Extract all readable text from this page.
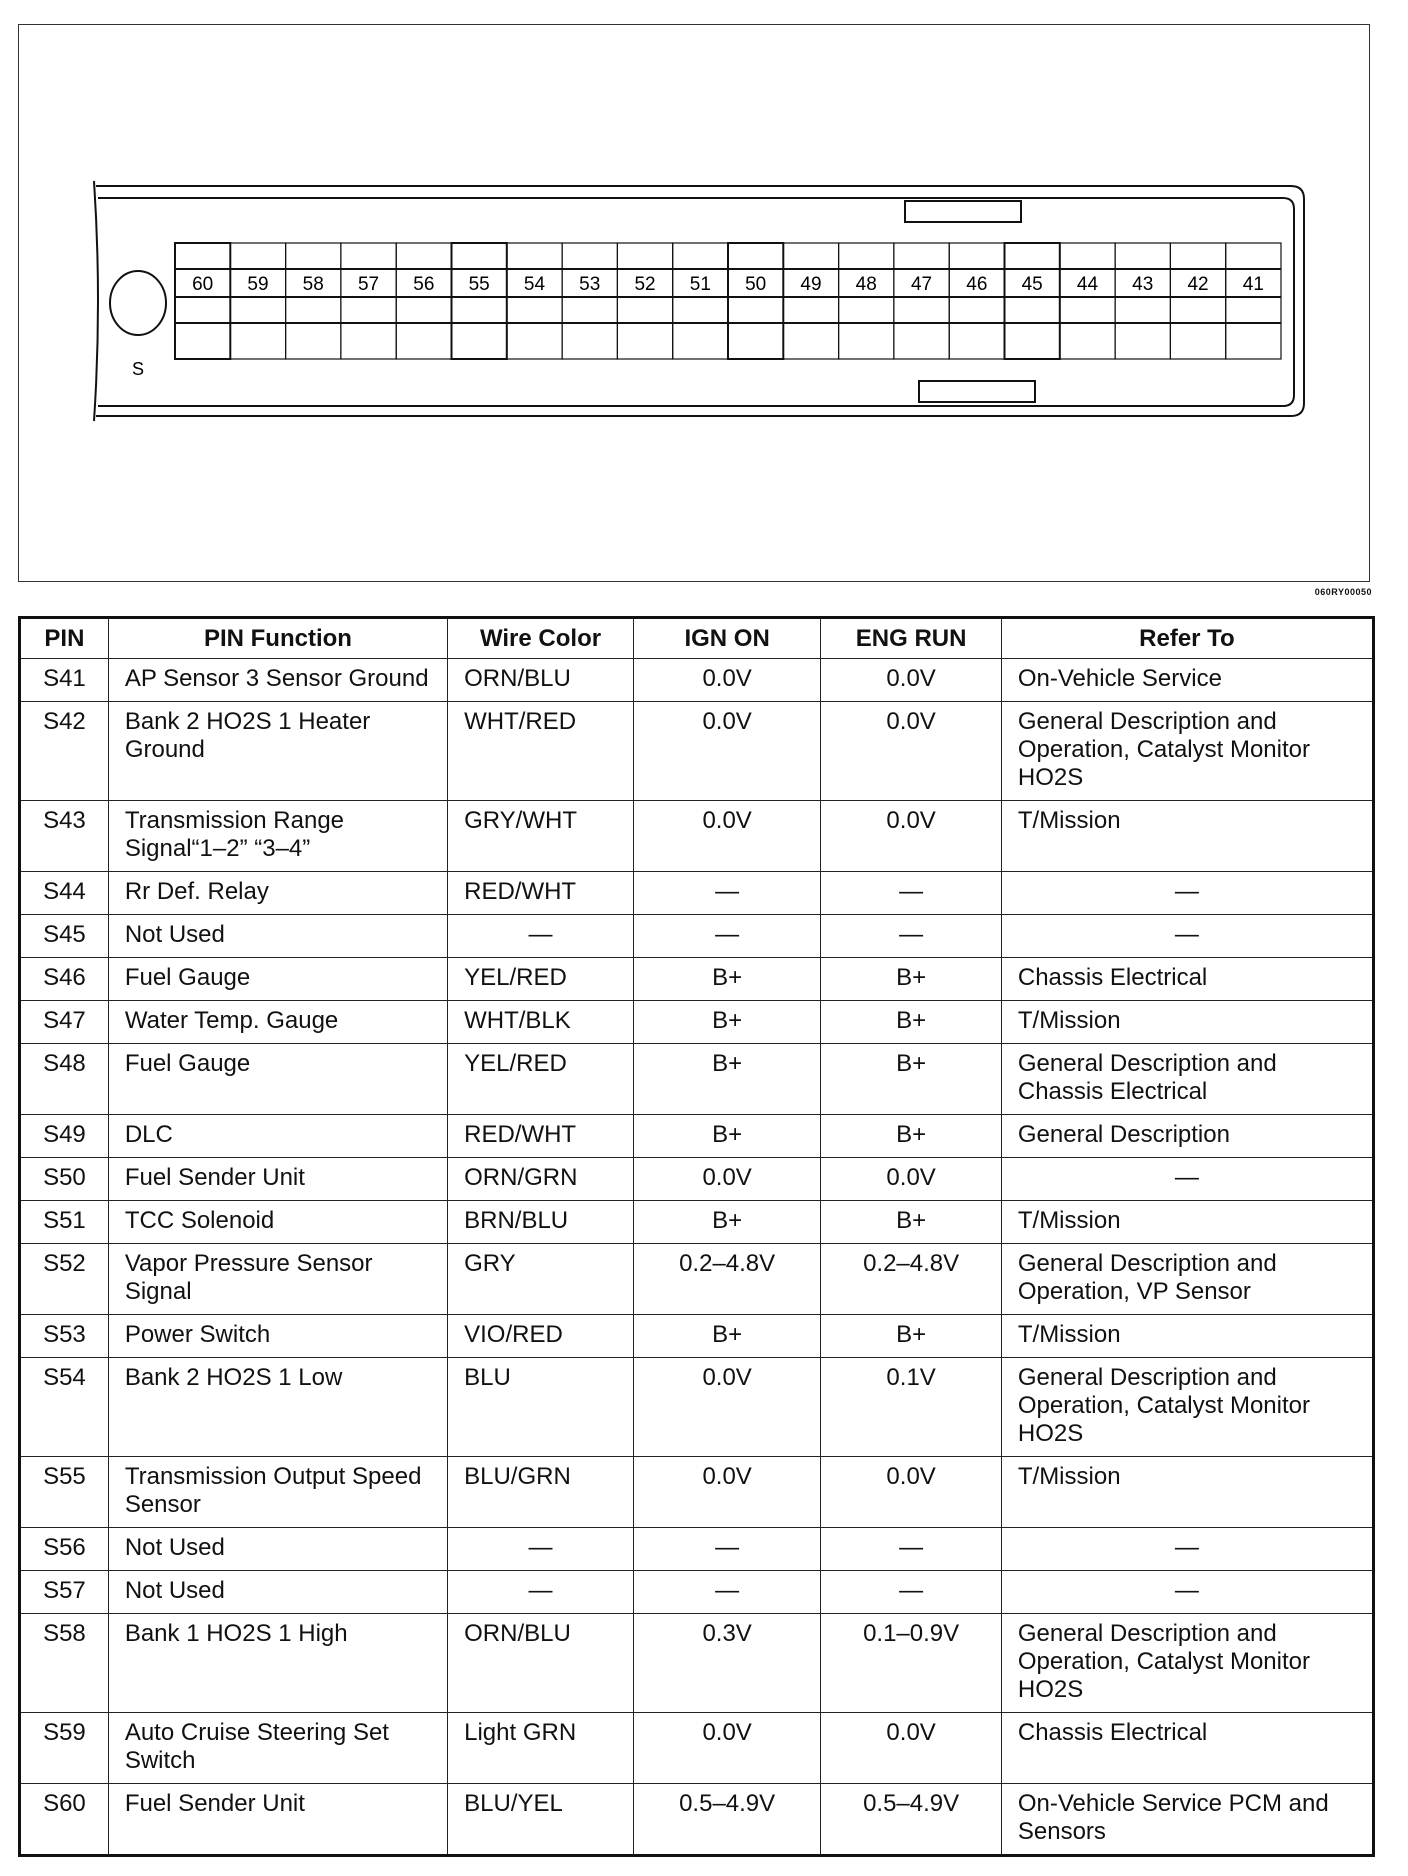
S
60 59 58 57 56 55 54 53 52 51 50 49 48 47 46 45 44 43 42 41
060RY00050
PIN	PIN Function	Wire Color	IGN ON	ENG RUN	Refer To
S41	AP Sensor 3 Sensor Ground	ORN/BLU	0.0V	0.0V	On-Vehicle Service
S42	Bank 2 HO2S 1 Heater Ground	WHT/RED	0.0V	0.0V	General Description and Operation, Catalyst Monitor HO2S
S43	Transmission Range Signal“1–2” “3–4”	GRY/WHT	0.0V	0.0V	T/Mission
S44	Rr Def. Relay	RED/WHT	—	—	—
S45	Not Used	—	—	—	—
S46	Fuel Gauge	YEL/RED	B+	B+	Chassis Electrical
S47	Water Temp. Gauge	WHT/BLK	B+	B+	T/Mission
S48	Fuel Gauge	YEL/RED	B+	B+	General Description and Chassis Electrical
S49	DLC	RED/WHT	B+	B+	General Description
S50	Fuel Sender Unit	ORN/GRN	0.0V	0.0V	—
S51	TCC Solenoid	BRN/BLU	B+	B+	T/Mission
S52	Vapor Pressure Sensor Signal	GRY	0.2–4.8V	0.2–4.8V	General Description and Operation, VP Sensor
S53	Power Switch	VIO/RED	B+	B+	T/Mission
S54	Bank 2 HO2S 1 Low	BLU	0.0V	0.1V	General Description and Operation, Catalyst Monitor HO2S
S55	Transmission Output Speed Sensor	BLU/GRN	0.0V	0.0V	T/Mission
S56	Not Used	—	—	—	—
S57	Not Used	—	—	—	—
S58	Bank 1 HO2S 1 High	ORN/BLU	0.3V	0.1–0.9V	General Description and Operation, Catalyst Monitor HO2S
S59	Auto Cruise Steering Set Switch	Light GRN	0.0V	0.0V	Chassis Electrical
S60	Fuel Sender Unit	BLU/YEL	0.5–4.9V	0.5–4.9V	On-Vehicle Service PCM and Sensors
